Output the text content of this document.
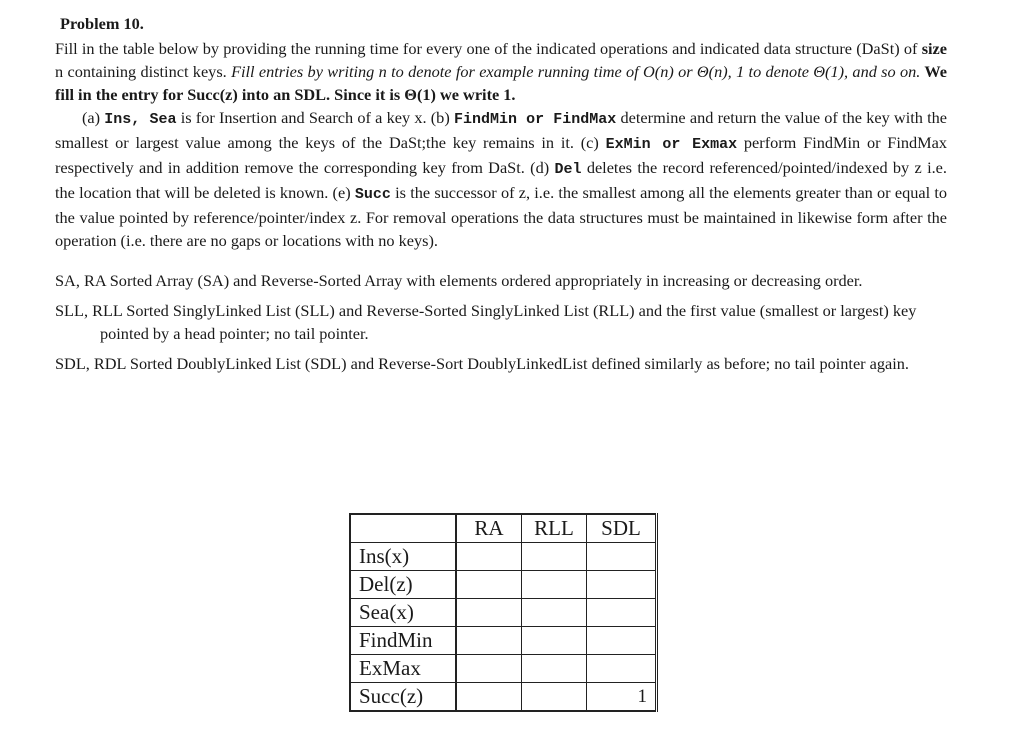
Problem 10.

Fill in the table below by providing the running time for every one of the indicated operations and indicated data structure (DaSt) of size n containing distinct keys. Fill entries by writing n to denote for example running time of O(n) or Θ(n), 1 to denote Θ(1), and so on. We fill in the entry for Succ(z) into an SDL. Since it is Θ(1) we write 1.

(a) Ins, Sea is for Insertion and Search of a key x. (b) FindMin or FindMax determine and return the value of the key with the smallest or largest value among the keys of the DaSt;the key remains in it. (c) ExMin or Exmax perform FindMin or FindMax respectively and in addition remove the corresponding key from DaSt. (d) Del deletes the record referenced/pointed/indexed by z i.e. the location that will be deleted is known. (e) Succ is the successor of z, i.e. the smallest among all the elements greater than or equal to the value pointed by reference/pointer/index z. For removal operations the data structures must be maintained in likewise form after the operation (i.e. there are no gaps or locations with no keys).

SA, RA Sorted Array (SA) and Reverse-Sorted Array with elements ordered appropriately in increasing or decreasing order.
SLL, RLL Sorted SinglyLinked List (SLL) and Reverse-Sorted SinglyLinked List (RLL) and the first value (smallest or largest) key pointed by a head pointer; no tail pointer.
SDL, RDL Sorted DoublyLinked List (SDL) and Reverse-Sort DoublyLinkedList defined similarly as before; no tail pointer again.
	RA	RLL	SDL
Ins(x)			
Del(z)			
Sea(x)			
FindMin			
ExMax			
Succ(z)			1
